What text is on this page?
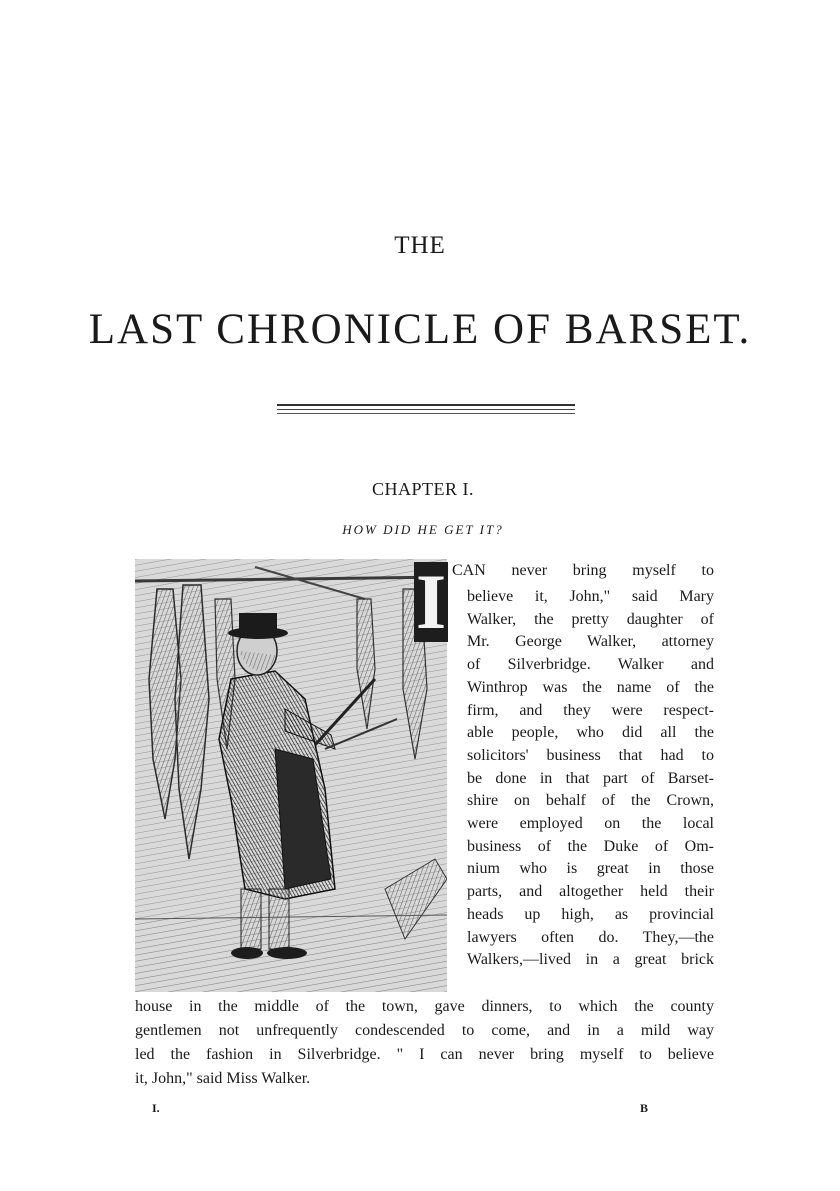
THE
LAST CHRONICLE OF BARSET.
CHAPTER I.
HOW DID HE GET IT?
I CAN never bring myself to
believe it, John," said Mary
Walker, the pretty daughter of
Mr. George Walker, attorney
of Silverbridge. Walker and
Winthrop was the name of the
firm, and they were respect-
able people, who did all the
solicitors' business that had to
be done in that part of Barset-
shire on behalf of the Crown,
were employed on the local
business of the Duke of Om-
nium who is great in those
parts, and altogether held their
heads up high, as provincial
lawyers often do. They,—the
Walkers,—lived in a great brick
house in the middle of the town, gave dinners, to which the county
gentlemen not unfrequently condescended to come, and in a mild way
led the fashion in Silverbridge. " I can never bring myself to believe
it, John," said Miss Walker.
I.	B
